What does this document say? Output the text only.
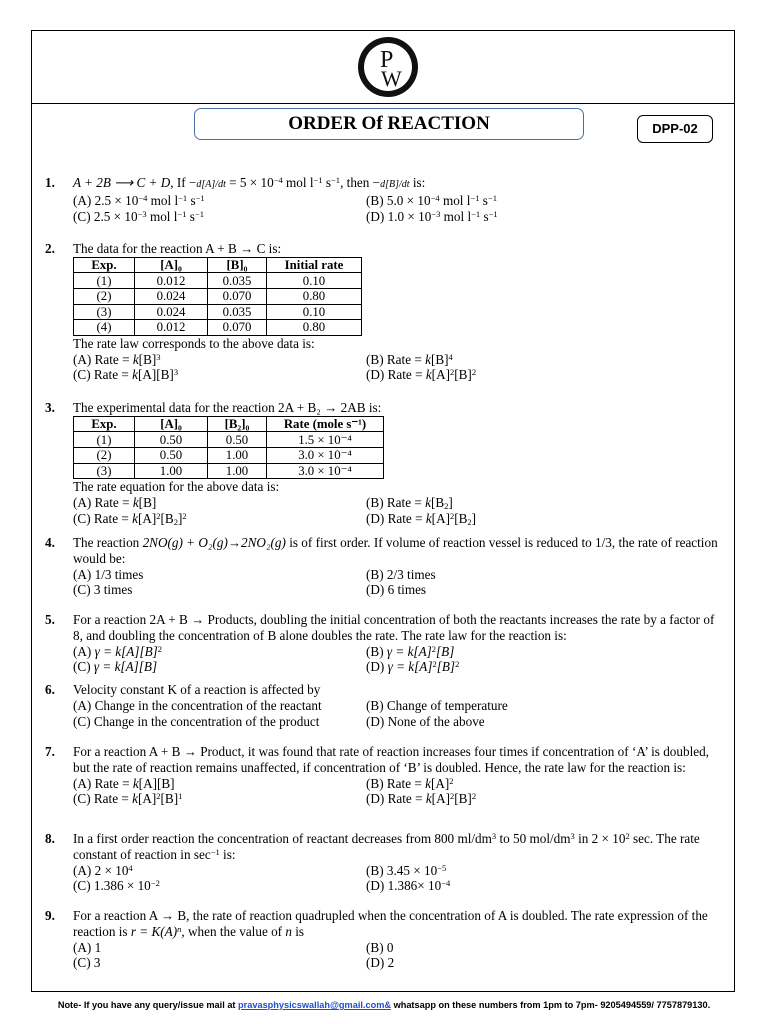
P
W
ORDER Of REACTION	DPP-02
1. A + 2B ⟶ C + D, $If -d[A]/dt = 5 \times 10^{-4}$ mol $l^{-1}$ $s^{-1}$, then −d[B]/dt is:
(A) $2.5 \times 10^{-4}$ mol $l^{-1}$ $s^{-1}$	(B) $5.0 \times 10^{-4}$ mol $l^{-1}$ $s^{-1}$
(C) $2.5 \times 10^{-3}$ mol $l^{-1}$ $s^{-1}$	(D) $1.0 \times 10^{-3}$ mol $l^{-1}$ $s^{-1}$
2. The data for the reaction A + B → C is:
Exp.	[A]₀	[B]₀	Initial rate
(1)	0.012	0.035	0.10
(2)	0.024	0.070	0.80
(3)	0.024	0.035	0.10
(4)	0.012	0.070	0.80
The rate law corresponds to the above data is:
(A) Rate = $k[B]^3$	(B) Rate = $k[B]^4$
(C) Rate = $k[A][B]^3$	(D) Rate = $k[A]^2[B]^2$
3. The experimental data for the reaction 2A + B₂ → 2AB is:
Exp.	[A]₀	[B₂]₀	Rate (mole s⁻¹)
(1)	0.50	0.50	1.5 × 10⁻⁴
(2)	0.50	1.00	3.0 × 10⁻⁴
(3)	1.00	1.00	3.0 × 10⁻⁴
The rate equation for the above data is:
(A) Rate = k[B]	(B) Rate = $k[B_2]$
(C) Rate = $k[A]^2[B_2]^2$	(D) Rate = $k[A]^2[B_2]$
4. The reaction 2NO(g) + O₂(g)→2NO₂(g) is of first order. If volume of reaction vessel is reduced to 1/3, the rate of reaction would be:
(A) 1/3 times	(B) 2/3 times
(C) 3 times	(D) 6 times
5. For a reaction 2A + B → Products, doubling the initial concentration of both the reactants increases the rate by a factor of 8, and doubling the concentration of B alone doubles the rate. The rate law for the reaction is:
(A) $\gamma = k[A][B]^2$	(B) $\gamma = k[A]^2[B]$
(C) γ = k[A][B]	(D) $\gamma = k[A]^2[B]^2$
6. Velocity constant K of a reaction is affected by
(A) Change in the concentration of the reactant	(B) Change of temperature
(C) Change in the concentration of the product	(D) None of the above
7. For a reaction A + B → Product, it was found that rate of reaction increases four times if concentration of ‘A’ is doubled, but the rate of reaction remains unaffected, if concentration of ‘B’ is doubled. Hence, the rate law for the reaction is:
(A) Rate = k[A][B]	(B) Rate = $k[A]^2$
(C) Rate = $k[A]^2[B]^1$	(D) Rate = $k[A]^2[B]^2$
8. In a first order reaction the concentration of reactant decreases from 800 $ml/dm^3$ to 50 mol/$dm^3$ in $2 \times 10^2$ sec. The rate constant of reaction in $\sec^{-1}$ is:
(A) $2 \times 10^4$	(B) $3.45 \times 10^{-5}$
(C) $1.386 \times 10^{-2}$	(D) $1.386\times 10^{-4}$
9. For a reaction A → B, the rate of reaction quadrupled when the concentration of A is doubled. The rate expression of the reaction is $r = K(A)^n$, when the value of n is
(A) 1	(B) 0
(C) 3	(D) 2
Note- If you have any query/issue mail at pravasphysicswallah@gmail.com& whatsapp on these numbers from 1pm to 7pm- 9205494559/ 7757879130.
